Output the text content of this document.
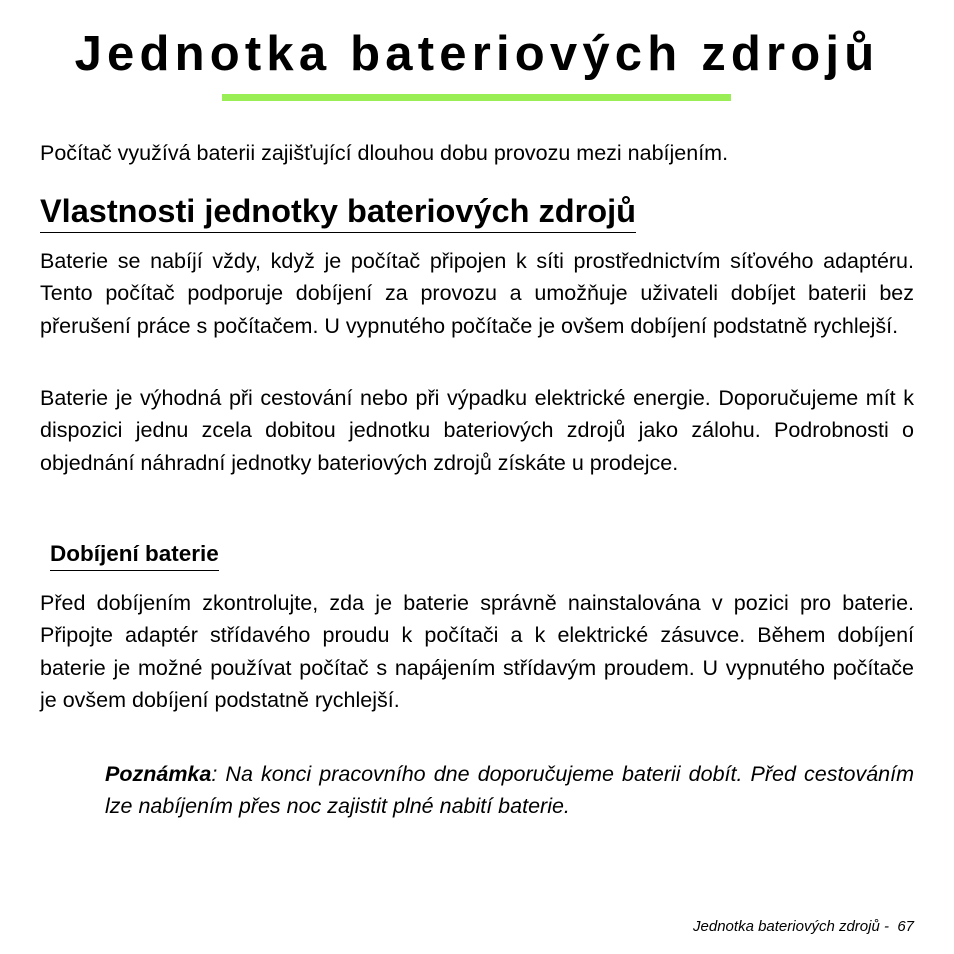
Jednotka bateriových zdrojů

Počítač využívá baterii zajišťující dlouhou dobu provozu mezi nabíjením.

Vlastnosti jednotky bateriových zdrojů

Baterie se nabíjí vždy, když je počítač připojen k síti prostřednictvím síťového adaptéru. Tento počítač podporuje dobíjení za provozu a umožňuje uživateli dobíjet baterii bez přerušení práce s počítačem. U vypnutého počítače je ovšem dobíjení podstatně rychlejší.

Baterie je výhodná při cestování nebo při výpadku elektrické energie. Doporučujeme mít k dispozici jednu zcela dobitou jednotku bateriových zdrojů jako zálohu. Podrobnosti o objednání náhradní jednotky bateriových zdrojů získáte u prodejce.

Dobíjení baterie

Před dobíjením zkontrolujte, zda je baterie správně nainstalována v pozici pro baterie. Připojte adaptér střídavého proudu k počítači a k elektrické zásuvce. Během dobíjení baterie je možné používat počítač s napájením střídavým proudem. U vypnutého počítače je ovšem dobíjení podstatně rychlejší.

Poznámka: Na konci pracovního dne doporučujeme baterii dobít. Před cestováním lze nabíjením přes noc zajistit plné nabití baterie.

Jednotka bateriových zdrojů -  67
